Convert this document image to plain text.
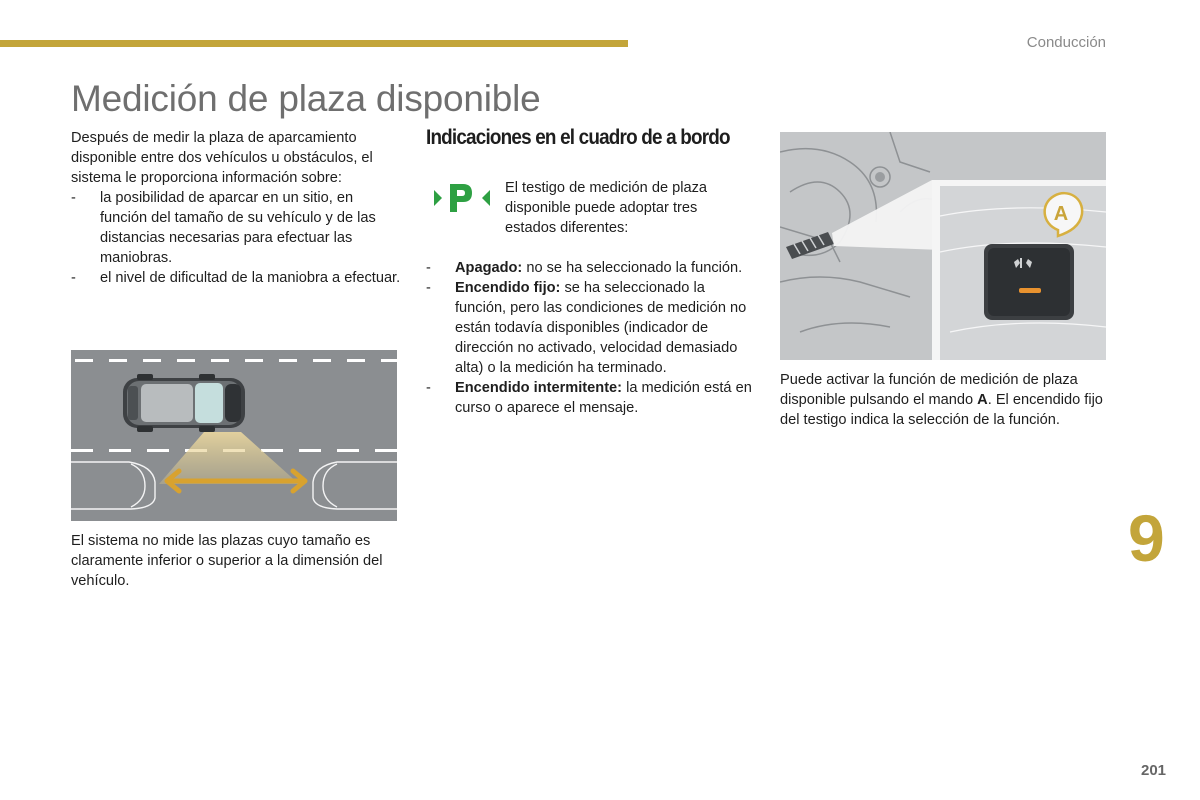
Conducción
Medición de plaza disponible

Después de medir la plaza de aparcamiento disponible entre dos vehículos u obstáculos, el sistema le proporciona información sobre:

- la posibilidad de aparcar en un sitio, en función del tamaño de su vehículo y de las distancias necesarias para efectuar las maniobras.
- el nivel de dificultad de la maniobra a efectuar.
El sistema no mide las plazas cuyo tamaño es claramente inferior o superior a la dimensión del vehículo.
Indicaciones en el cuadro de a bordo
El testigo de medición de plaza disponible puede adoptar tres estados diferentes:
- Apagado: no se ha seleccionado la función.
- Encendido fijo: se ha seleccionado la función, pero las condiciones de medición no están todavía disponibles (indicador de dirección no activado, velocidad demasiado alta) o la medición ha terminado.
- Encendido intermitente: la medición está en curso o aparece el mensaje.
A
Puede activar la función de medición de plaza disponible pulsando el mando A. El encendido fijo del testigo indica la selección de la función.
9
201
